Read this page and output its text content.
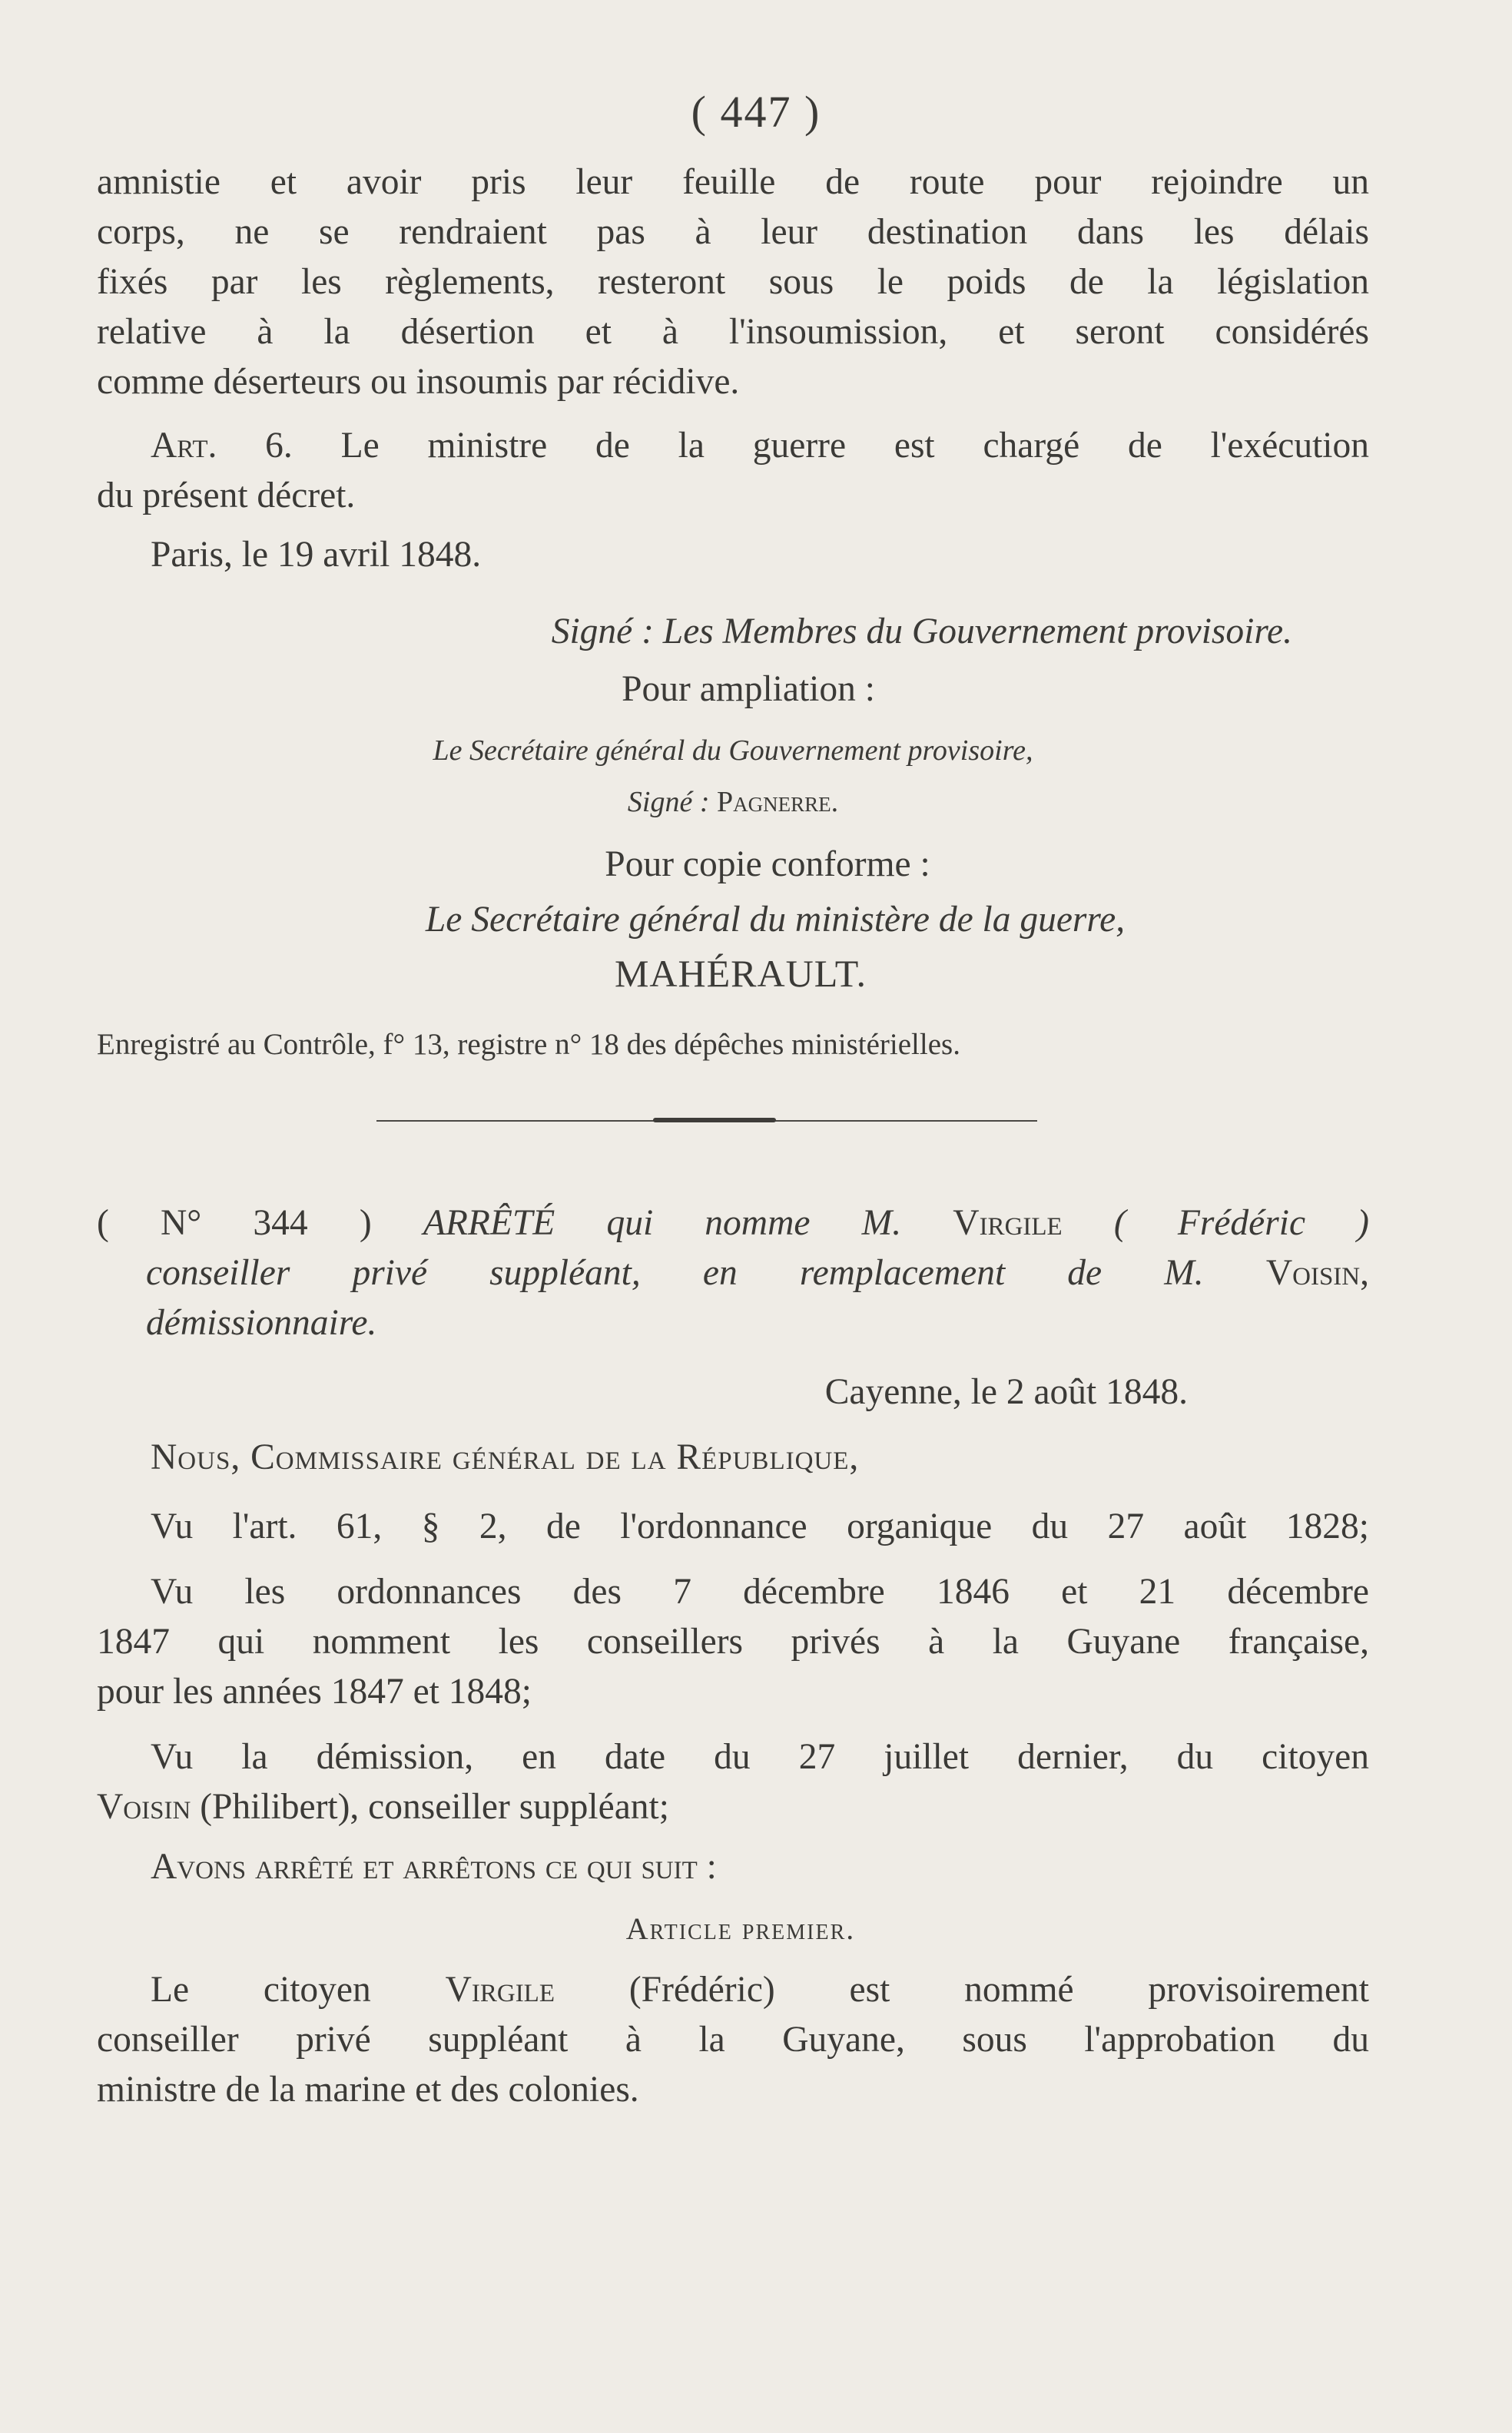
( 447 )
amnistie et avoir pris leur feuille de route pour rejoindre un
corps, ne se rendraient pas à leur destination dans les délais
fixés par les règlements, resteront sous le poids de la législation
relative à la désertion et à l'insoumission, et seront considérés
comme déserteurs ou insoumis par récidive.
Art. 6. Le ministre de la guerre est chargé de l'exécution
du présent décret.
Paris, le 19 avril 1848.
Signé : Les Membres du Gouvernement provisoire.
Pour ampliation :
Le Secrétaire général du Gouvernement provisoire,
Signé : Pagnerre.
Pour copie conforme :
Le Secrétaire général du ministère de la guerre,
MAHÉRAULT.
Enregistré au Contrôle, f° 13, registre n° 18 des dépêches ministérielles.
( N° 344 ) ARRÊTÉ qui nomme M. Virgile ( Frédéric )
conseiller privé suppléant, en remplacement de M. Voisin,
démissionnaire.
Cayenne, le 2 août 1848.
Nous, Commissaire général de la République,
Vu l'art. 61, § 2, de l'ordonnance organique du 27 août 1828;
Vu les ordonnances des 7 décembre 1846 et 21 décembre
1847 qui nomment les conseillers privés à la Guyane française,
pour les années 1847 et 1848;
Vu la démission, en date du 27 juillet dernier, du citoyen
Voisin (Philibert), conseiller suppléant;
Avons arrêté et arrêtons ce qui suit :
Article premier.
Le citoyen Virgile (Frédéric) est nommé provisoirement
conseiller privé suppléant à la Guyane, sous l'approbation du
ministre de la marine et des colonies.
